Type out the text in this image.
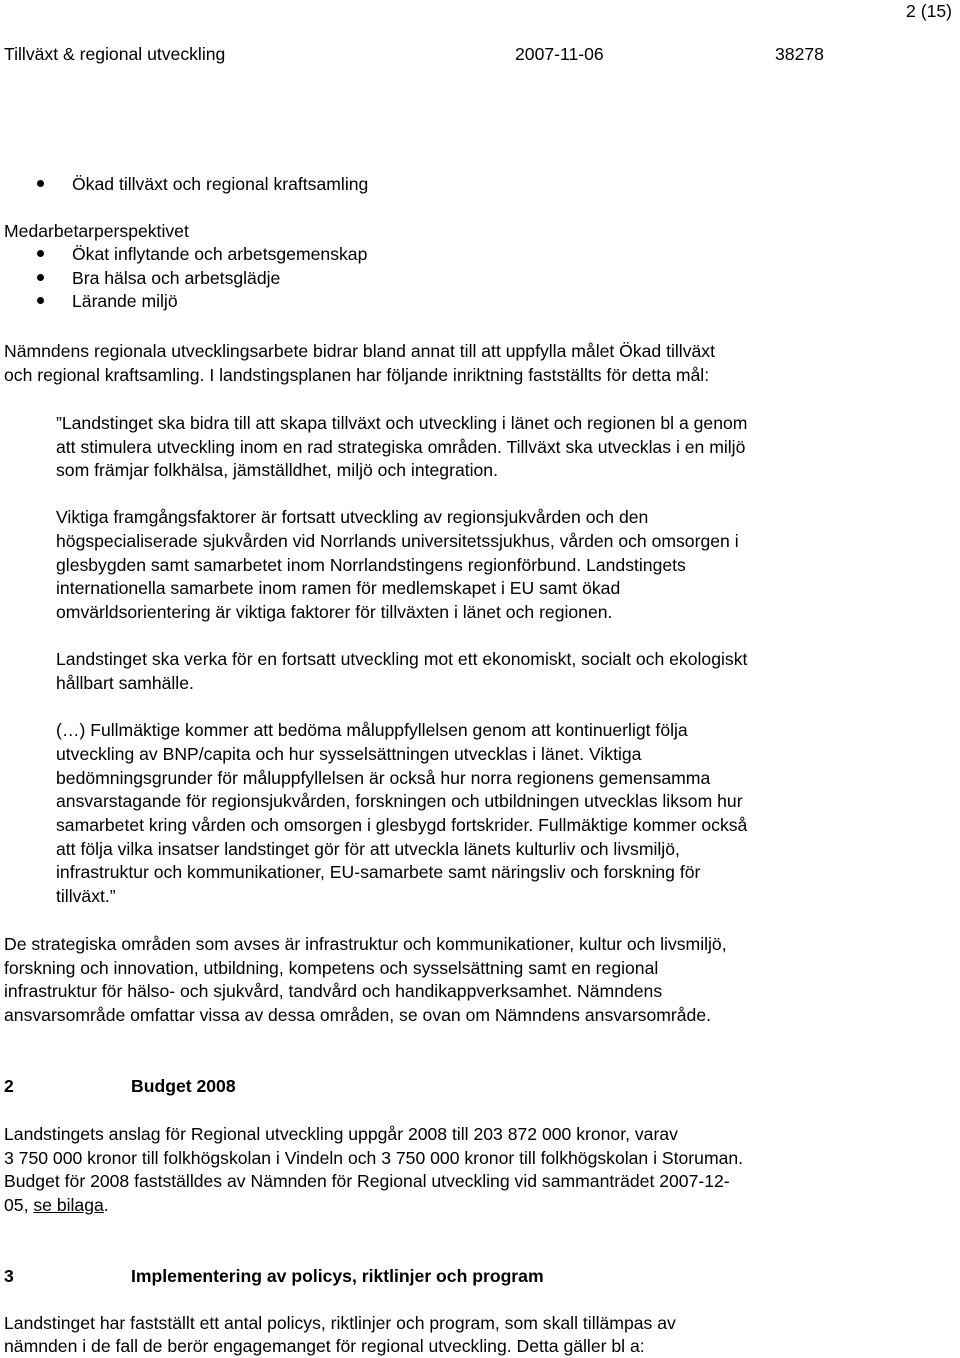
2 (15)
Tillväxt & regional utveckling	2007-11-06	38278
Ökad tillväxt och regional kraftsamling
Medarbetarperspektivet
Ökat inflytande och arbetsgemenskap
Bra hälsa och arbetsglädje
Lärande miljö
Nämndens regionala utvecklingsarbete bidrar bland annat till att uppfylla målet Ökad tillväxt
och regional kraftsamling. I landstingsplanen har följande inriktning fastställts för detta mål:
”Landstinget ska bidra till att skapa tillväxt och utveckling i länet och regionen bl a genom
att stimulera utveckling inom en rad strategiska områden. Tillväxt ska utvecklas i en miljö
som främjar folkhälsa, jämställdhet, miljö och integration.
Viktiga framgångsfaktorer är fortsatt utveckling av regionsjukvården och den
högspecialiserade sjukvården vid Norrlands universitetssjukhus, vården och omsorgen i
glesbygden samt samarbetet inom Norrlandstingens regionförbund. Landstingets
internationella samarbete inom ramen för medlemskapet i EU samt ökad
omvärldsorientering är viktiga faktorer för tillväxten i länet och regionen.
Landstinget ska verka för en fortsatt utveckling mot ett ekonomiskt, socialt och ekologiskt
hållbart samhälle.
(…) Fullmäktige kommer att bedöma måluppfyllelsen genom att kontinuerligt följa
utveckling av BNP/capita och hur sysselsättningen utvecklas i länet. Viktiga
bedömningsgrunder för måluppfyllelsen är också hur norra regionens gemensamma
ansvarstagande för regionsjukvården, forskningen och utbildningen utvecklas liksom hur
samarbetet kring vården och omsorgen i glesbygd fortskrider. Fullmäktige kommer också
att följa vilka insatser landstinget gör för att utveckla länets kulturliv och livsmiljö,
infrastruktur och kommunikationer, EU-samarbete samt näringsliv och forskning för
tillväxt.”
De strategiska områden som avses är infrastruktur och kommunikationer, kultur och livsmiljö,
forskning och innovation, utbildning, kompetens och sysselsättning samt en regional
infrastruktur för hälso- och sjukvård, tandvård och handikappverksamhet. Nämndens
ansvarsområde omfattar vissa av dessa områden, se ovan om Nämndens ansvarsområde.
2	Budget 2008
Landstingets anslag för Regional utveckling uppgår 2008 till 203 872 000 kronor, varav
3 750 000 kronor till folkhögskolan i Vindeln och 3 750 000 kronor till folkhögskolan i Storuman.
Budget för 2008 fastställdes av Nämnden för Regional utveckling vid sammanträdet 2007-12-
05, se bilaga.
3	Implementering av policys, riktlinjer och program
Landstinget har fastställt ett antal policys, riktlinjer och program, som skall tillämpas av
nämnden i de fall de berör engagemanget för regional utveckling. Detta gäller bl a:
